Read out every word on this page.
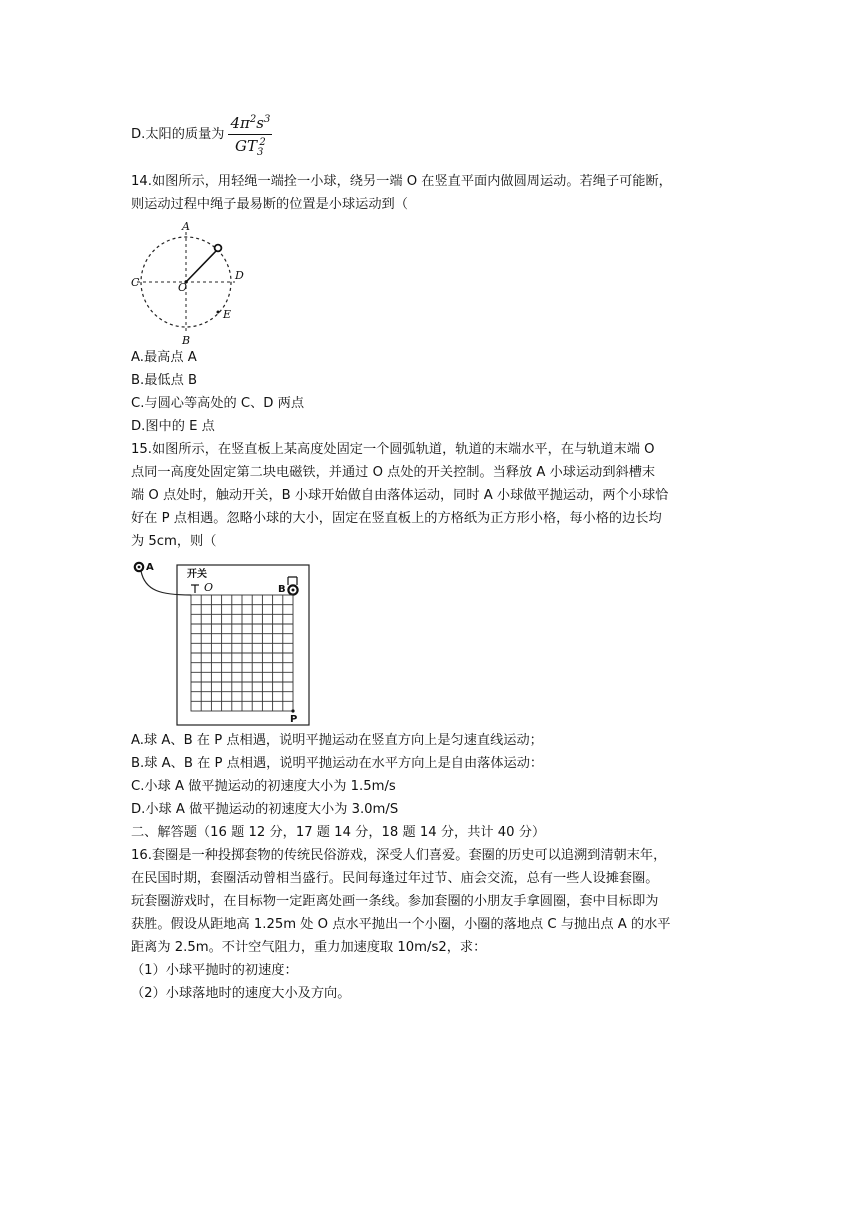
D.太阳的质量为 $\frac{4\pi^2s^3}{GT_3^2}$
14.如图所示，用轻绳一端拴一小球，绕另一端 O 在竖直平面内做圆周运动。若绳子可能断，
则运动过程中绳子最易断的位置是小球运动到（
A
B
C
D
O
E
A.最高点 A
B.最低点 B
C.与圆心等高处的 C、D 两点
D.图中的 E 点
15.如图所示，在竖直板上某高度处固定一个圆弧轨道，轨道的末端水平，在与轨道末端 O
点同一高度处固定第二块电磁铁，并通过 O 点处的开关控制。当释放 A 小球运动到斜槽末
端 O 点处时，触动开关，B 小球开始做自由落体运动，同时 A 小球做平抛运动，两个小球恰
好在 P 点相遇。忽略小球的大小，固定在竖直板上的方格纸为正方形小格，每小格的边长均
为 5cm，则（
A
开关
O	B
P
A.球 A、B 在 P 点相遇，说明平抛运动在竖直方向上是匀速直线运动；
B.球 A、B 在 P 点相遇，说明平抛运动在水平方向上是自由落体运动：
C.小球 A 做平抛运动的初速度大小为 1.5m/s
D.小球 A 做平抛运动的初速度大小为 3.0m/S
二、解答题（16 题 12 分，17 题 14 分，18 题 14 分，共计 40 分）
16.套圈是一种投掷套物的传统民俗游戏，深受人们喜爱。套圈的历史可以追溯到清朝末年，
在民国时期，套圈活动曾相当盛行。民间每逢过年过节、庙会交流，总有一些人设摊套圈。
玩套圈游戏时，在目标物一定距离处画一条线。参加套圈的小朋友手拿圆圈，套中目标即为
获胜。假设从距地高 1.25m 处 O 点水平抛出一个小圈，小圈的落地点 C 与抛出点 A 的水平
距离为 2.5m。不计空气阻力，重力加速度取 10m/s2，求：
（1）小球平抛时的初速度：
（2）小球落地时的速度大小及方向。
